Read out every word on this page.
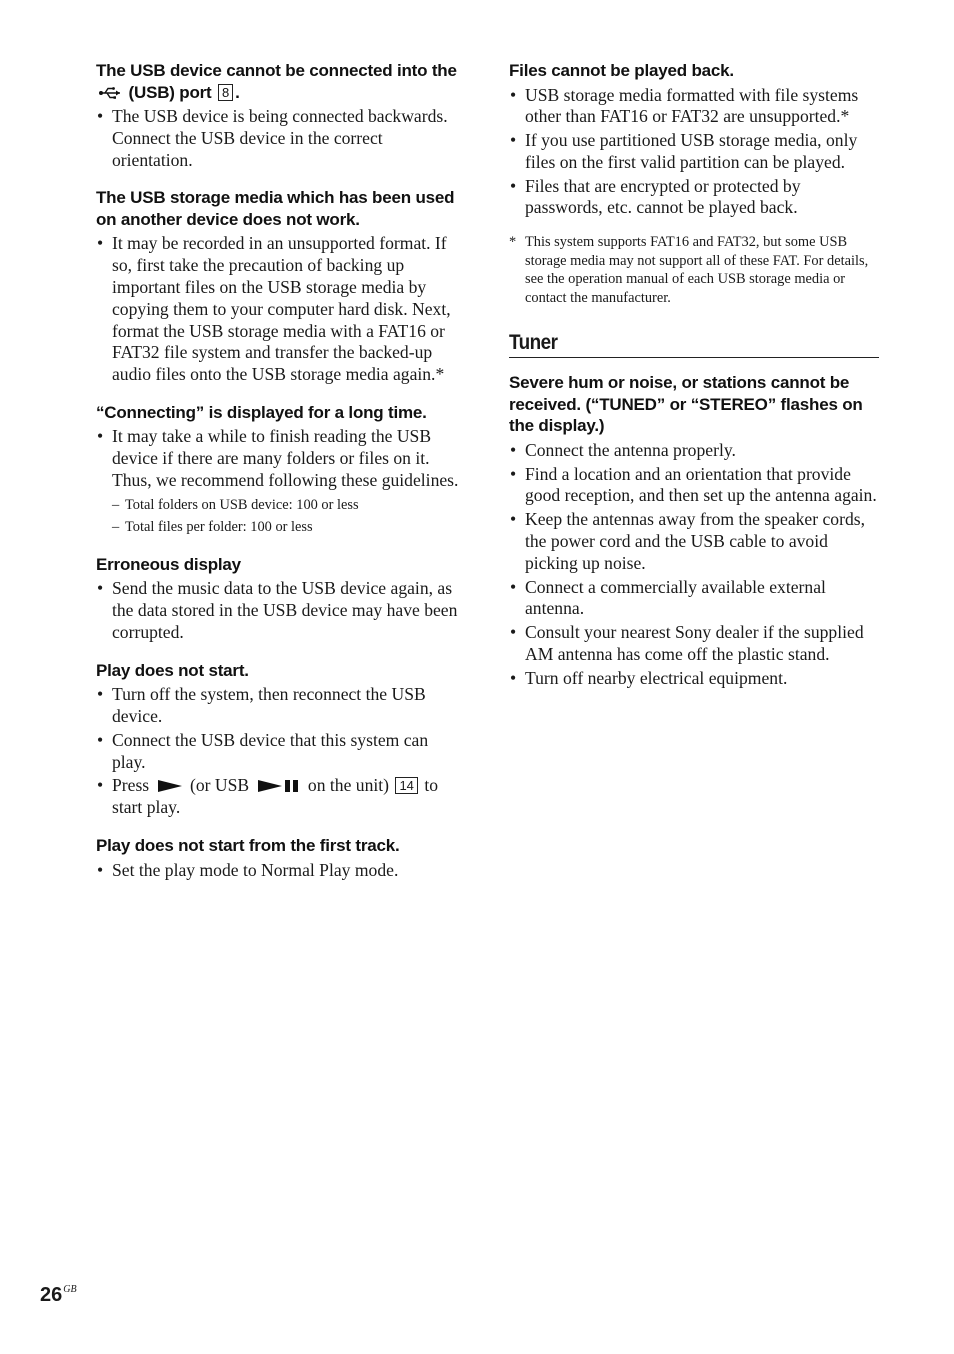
The USB device cannot be connected into the  (USB) port 8 .
• The USB device is being connected backwards. Connect the USB device in the correct orientation.
The USB storage media which has been used on another device does not work.
• It may be recorded in an unsupported format. If so, first take the precaution of backing up important files on the USB storage media by copying them to your computer hard disk. Next, format the USB storage media with a FAT16 or FAT32 file system and transfer the backed-up audio files onto the USB storage media again.*
“Connecting” is displayed for a long time.
• It may take a while to finish reading the USB device if there are many folders or files on it. Thus, we recommend following these guidelines.
– Total folders on USB device: 100 or less
– Total files per folder: 100 or less
Erroneous display
• Send the music data to the USB device again, as the data stored in the USB device may have been corrupted.
Play does not start.
• Turn off the system, then reconnect the USB device.
• Connect the USB device that this system can play.
• Press (or USB	on the unit) 14 to start play.
Play does not start from the first track.
• Set the play mode to Normal Play mode.
Files cannot be played back.
• USB storage media formatted with file systems other than FAT16 or FAT32 are unsupported.*
• If you use partitioned USB storage media, only files on the first valid partition can be played.
• Files that are encrypted or protected by passwords, etc. cannot be played back.

* This system supports FAT16 and FAT32, but some USB storage media may not support all of these FAT. For details, see the operation manual of each USB storage media or contact the manufacturer.

Tuner
Severe hum or noise, or stations cannot be received. (“TUNED” or “STEREO” flashes on the display.)
• Connect the antenna properly.
• Find a location and an orientation that provide good reception, and then set up the antenna again.
• Keep the antennas away from the speaker cords, the power cord and the USB cable to avoid picking up noise.
• Connect a commercially available external antenna.
• Consult your nearest Sony dealer if the supplied AM antenna has come off the plastic stand.
• Turn off nearby electrical equipment.
$26^{GB}$
